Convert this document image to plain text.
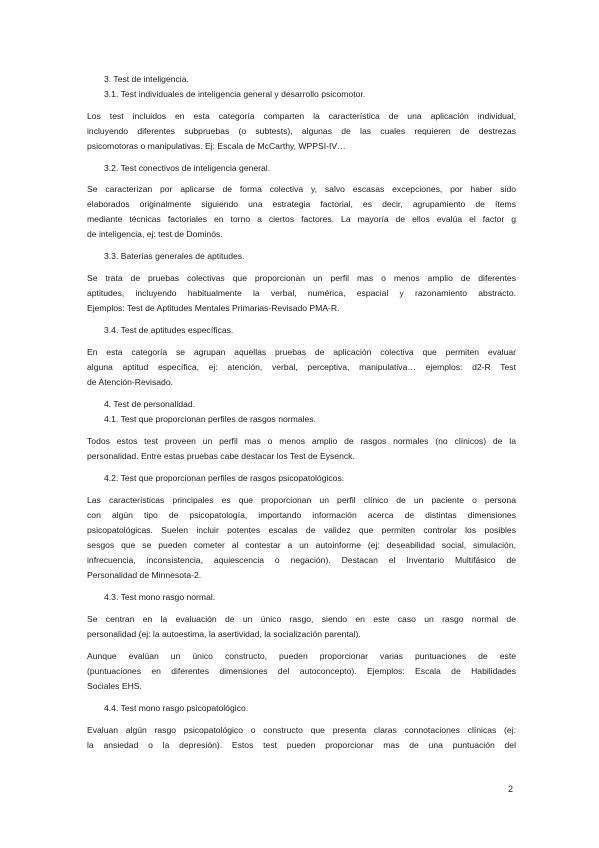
3. Test de inteligencia.
3.1. Test individuales de inteligencia general y desarrollo psicomotor.
Los test incluidos en esta categoría comparten la característica de una aplicación individual,
incluyendo diferentes subpruebas (o subtests), algunas de las cuales requieren de destrezas
psicomotoras o manipulativas. Ej: Escala de McCarthy, WPPSI-IV…
3.2. Test conectivos de inteligencia general.
Se caracterizan por aplicarse de forma colectiva y, salvo escasas excepciones, por haber sido
elaborados originalmente siguiendo una estrategia factorial, es decir, agrupamiento de ítems
mediante técnicas factoriales en torno a ciertos factores. La mayoría de ellos evalúa el factor g
de inteligencia, ej: test de Dominós.
3.3. Baterías generales de aptitudes.
Se trata de pruebas colectivas que proporcionan un perfil mas o menos amplio de diferentes
aptitudes, incluyendo habitualmente la verbal, numérica, espacial y razonamiento abstracto.
Ejemplos: Test de Aptitudes Mentales Primarias-Revisado PMA-R.
3.4. Test de aptitudes específicas.
En esta categoría se agrupan aquellas pruebas de aplicación colectiva que permiten evaluar
alguna aptitud específica, ej: atención, verbal, perceptiva, manipulativa… ejemplos: d2-R Test
de Atención-Revisado.
4. Test de personalidad.
4.1. Test que proporcionan perfiles de rasgos normales.
Todos estos test proveen un perfil mas o menos amplio de rasgos normales (no clínicos) de la
personalidad. Entre estas pruebas cabe destacar los Test de Eysenck.
4.2. Test que proporcionan perfiles de rasgos psicopatológicos.
Las características principales es que proporcionan un perfil clínico de un paciente o persona
con algún tipo de psicopatología, importando información acerca de distintas dimensiones
psicopatológicas. Suelen incluir potentes escalas de validez que permiten controlar los posibles
sesgos que se pueden cometer al contestar a un autoinforme (ej: deseabilidad social, simulación,
infrecuencia, inconsistencia, aquiescencia o negación). Destacan el Inventario Multifásico de
Personalidad de Minnesota-2.
4.3. Test mono rasgo normal.
Se centran en la evaluación de un único rasgo, siendo en este caso un rasgo normal de
personalidad (ej: la autoestima, la asertividad, la socialización parental).
Aunque evalúan un único constructo, pueden proporcionar varias puntuaciones de este
(puntuaciones en diferentes dimensiones del autoconcepto). Ejemplos: Escala de Habilidades
Sociales EHS.
4.4. Test mono rasgo psicopatológico.
Evaluan algún rasgo psicopatológico o constructo que presenta claras connotaciones clínicas (ej:
la ansiedad o la depresión). Estos test pueden proporcionar mas de una puntuación del
2
